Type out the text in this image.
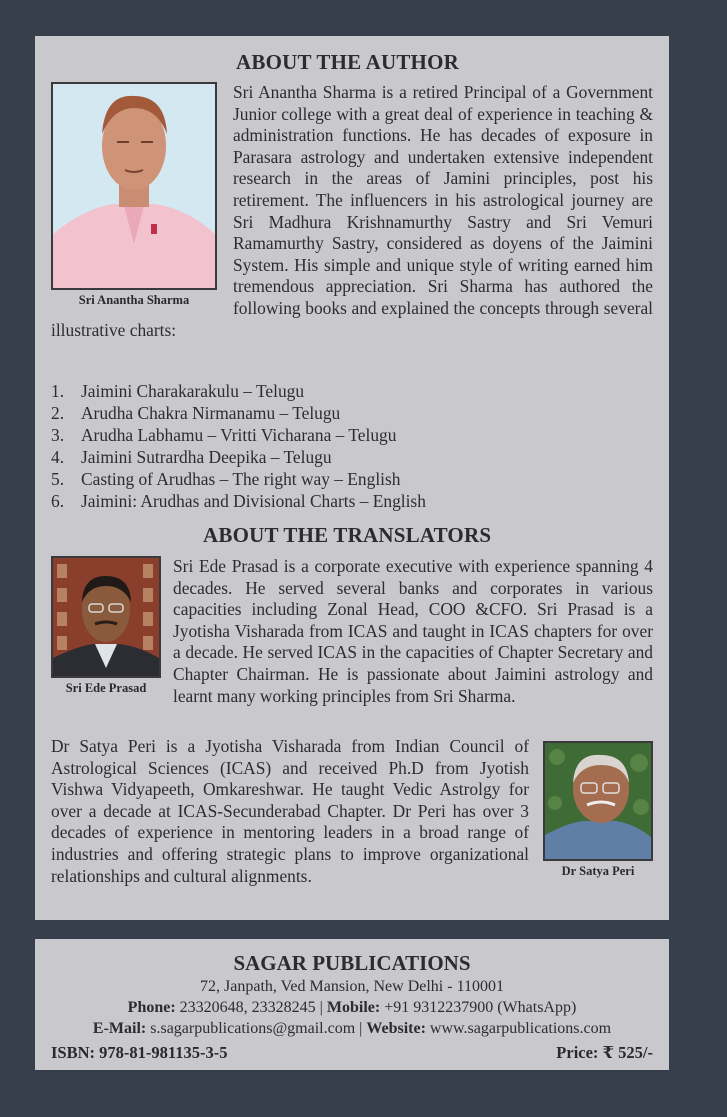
ABOUT THE AUTHOR
Sri Anantha Sharma

Sri Anantha Sharma is a retired Principal of a Government Junior college with a great deal of experience in teaching & administration functions. He has decades of exposure in Parasara astrology and undertaken extensive independent research in the areas of Jamini principles, post his retirement. The influencers in his astrological journey are Sri Madhura Krishnamurthy Sastry and Sri Vemuri Ramamurthy Sastry, considered as doyens of the Jaimini System. His simple and unique style of writing earned him tremendous appreciation. Sri Sharma has authored the following books and explained the concepts through several illustrative charts:

1. Jaimini Charakarakulu – Telugu
2. Arudha Chakra Nirmanamu – Telugu
3. Arudha Labhamu – Vritti Vicharana – Telugu
4. Jaimini Sutrardha Deepika – Telugu
5. Casting of Arudhas – The right way – English
6. Jaimini: Arudhas and Divisional Charts – English
ABOUT THE TRANSLATORS
Sri Ede Prasad

Sri Ede Prasad is a corporate executive with experience spanning 4 decades. He served several banks and corporates in various capacities including Zonal Head, COO &CFO. Sri Prasad is a Jyotisha Visharada from ICAS and taught in ICAS chapters for over a decade. He served ICAS in the capacities of Chapter Secretary and Chapter Chairman. He is passionate about Jaimini astrology and learnt many working principles from Sri Sharma.

Dr Satya Peri

Dr Satya Peri is a Jyotisha Visharada from Indian Council of Astrological Sciences (ICAS) and received Ph.D from Jyotish Vishwa Vidyapeeth, Omkareshwar. He taught Vedic Astrolgy for over a decade at ICAS-Secunderabad Chapter. Dr Peri has over 3 decades of experience in mentoring leaders in a broad range of industries and offering strategic plans to improve organizational relationships and cultural alignments.

SAGAR PUBLICATIONS
72, Janpath, Ved Mansion, New Delhi - 110001
Phone: 23320648, 23328245 | Mobile: +91 9312237900 (WhatsApp)
E-Mail: s.sagarpublications@gmail.com | Website: www.sagarpublications.com
ISBN: 978-81-981135-3-5	Price: ₹ 525/-
